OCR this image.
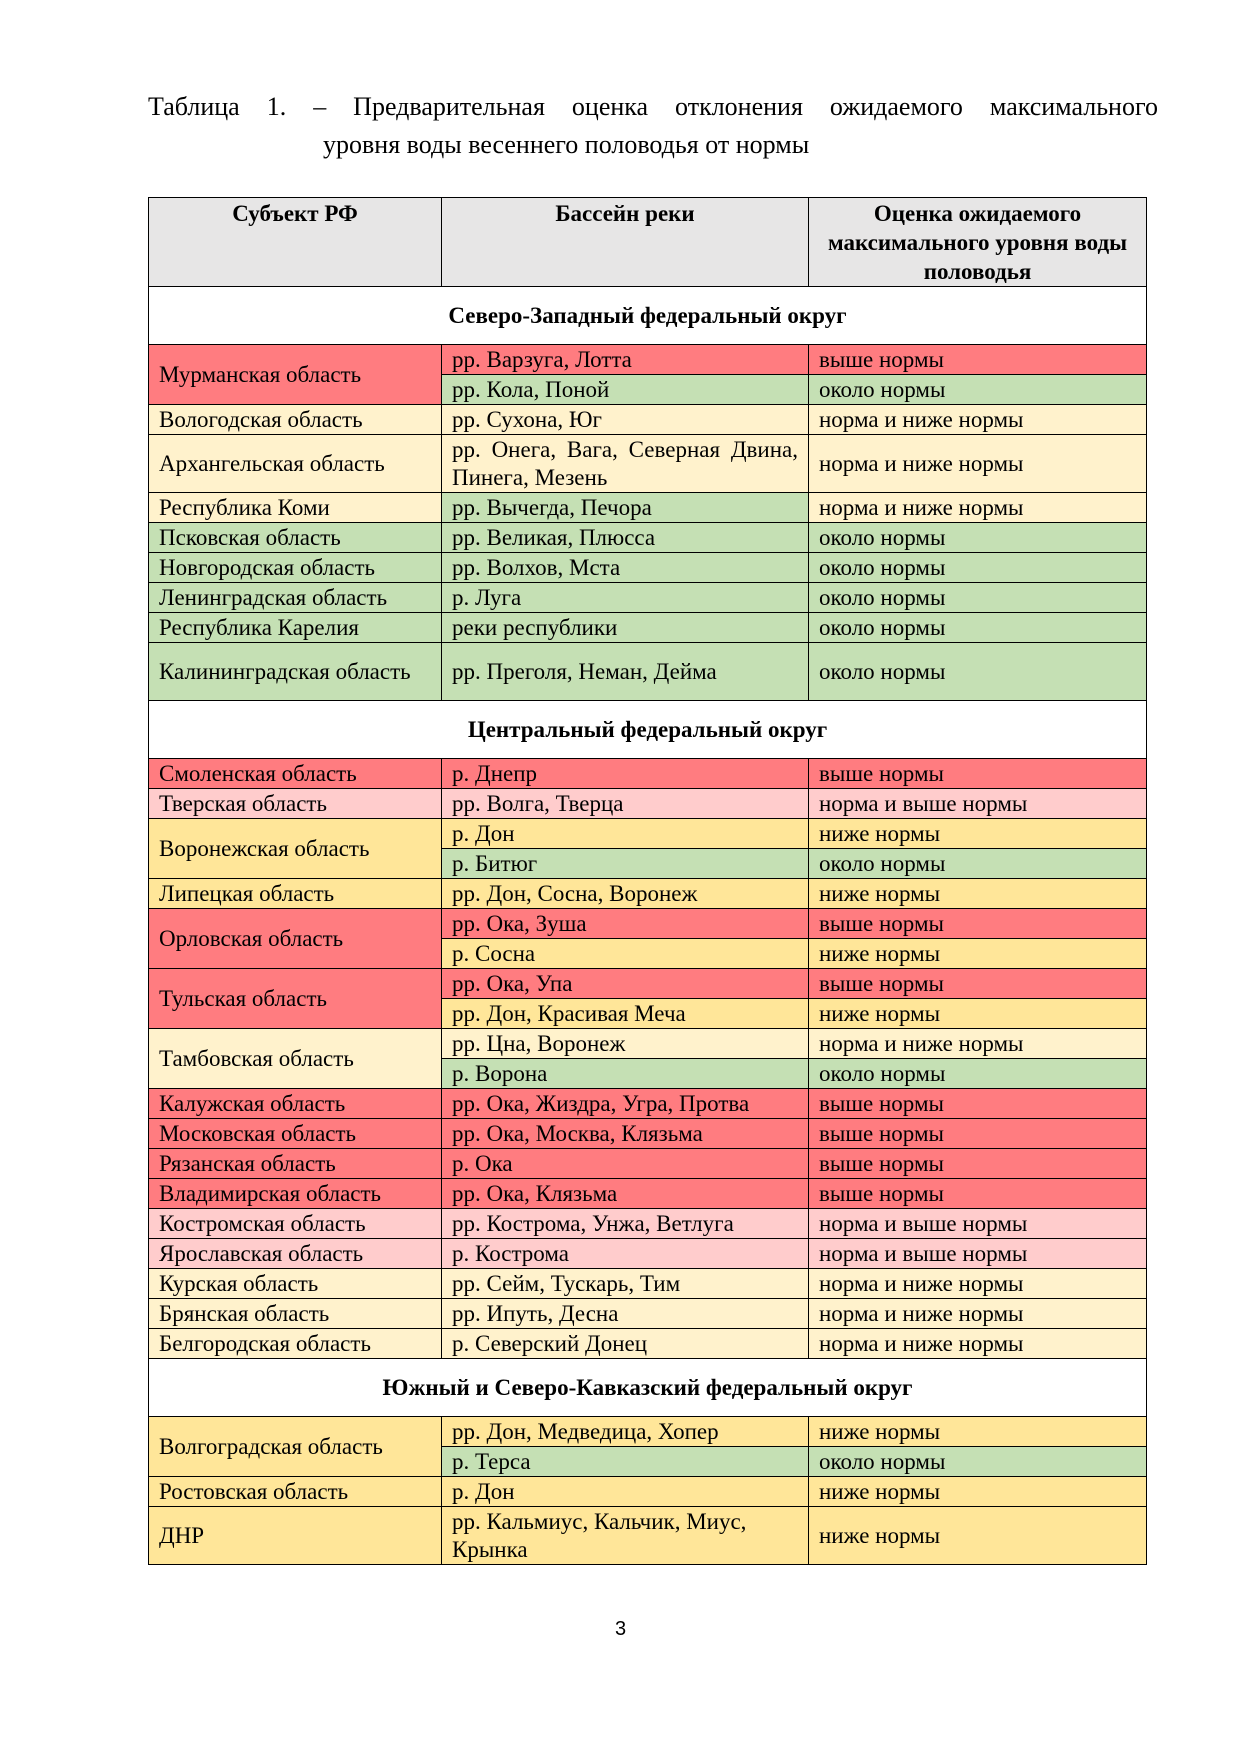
Таблица 1. – Предварительная оценка отклонения ожидаемого максимального
уровня воды весеннего половодья от нормы
Субъект РФ	Бассейн реки	Оценка ожидаемого максимального уровня воды половодья
Северо-Западный федеральный округ		
Мурманская область	рр. Варзуга, Лотта	выше нормы
	рр. Кола, Поной	около нормы
Вологодская область	рр. Сухона, Юг	норма и ниже нормы
Архангельская область	рр. Онега, Вага, Северная Двина, Пинега, Мезень	норма и ниже нормы
Республика Коми	рр. Вычегда, Печора	норма и ниже нормы
Псковская область	рр. Великая, Плюсса	около нормы
Новгородская область	рр. Волхов, Мста	около нормы
Ленинградская область	р. Луга	около нормы
Республика Карелия	реки республики	около нормы
Калининградская область	рр. Преголя, Неман, Дейма	около нормы
Центральный федеральный округ		
Смоленская область	р. Днепр	выше нормы
Тверская область	рр. Волга, Тверца	норма и выше нормы
Воронежская область	р. Дон	ниже нормы
	р. Битюг	около нормы
Липецкая область	рр. Дон, Сосна, Воронеж	ниже нормы
Орловская область	рр. Ока, Зуша	выше нормы
	р. Сосна	ниже нормы
Тульская область	рр. Ока, Упа	выше нормы
	рр. Дон, Красивая Меча	ниже нормы
Тамбовская область	рр. Цна, Воронеж	норма и ниже нормы
	р. Ворона	около нормы
Калужская область	рр. Ока, Жиздра, Угра, Протва	выше нормы
Московская область	рр. Ока, Москва, Клязьма	выше нормы
Рязанская область	р. Ока	выше нормы
Владимирская область	рр. Ока, Клязьма	выше нормы
Костромская область	рр. Кострома, Унжа, Ветлуга	норма и выше нормы
Ярославская область	р. Кострома	норма и выше нормы
Курская область	рр. Сейм, Тускарь, Тим	норма и ниже нормы
Брянская область	рр. Ипуть, Десна	норма и ниже нормы
Белгородская область	р. Северский Донец	норма и ниже нормы
Южный и Северо-Кавказский федеральный округ		
Волгоградская область	рр. Дон, Медведица, Хопер	ниже нормы
	р. Терса	около нормы
Ростовская область	р. Дон	ниже нормы
ДНР	рр. Кальмиус, Кальчик, Миус, Крынка	ниже нормы
3
